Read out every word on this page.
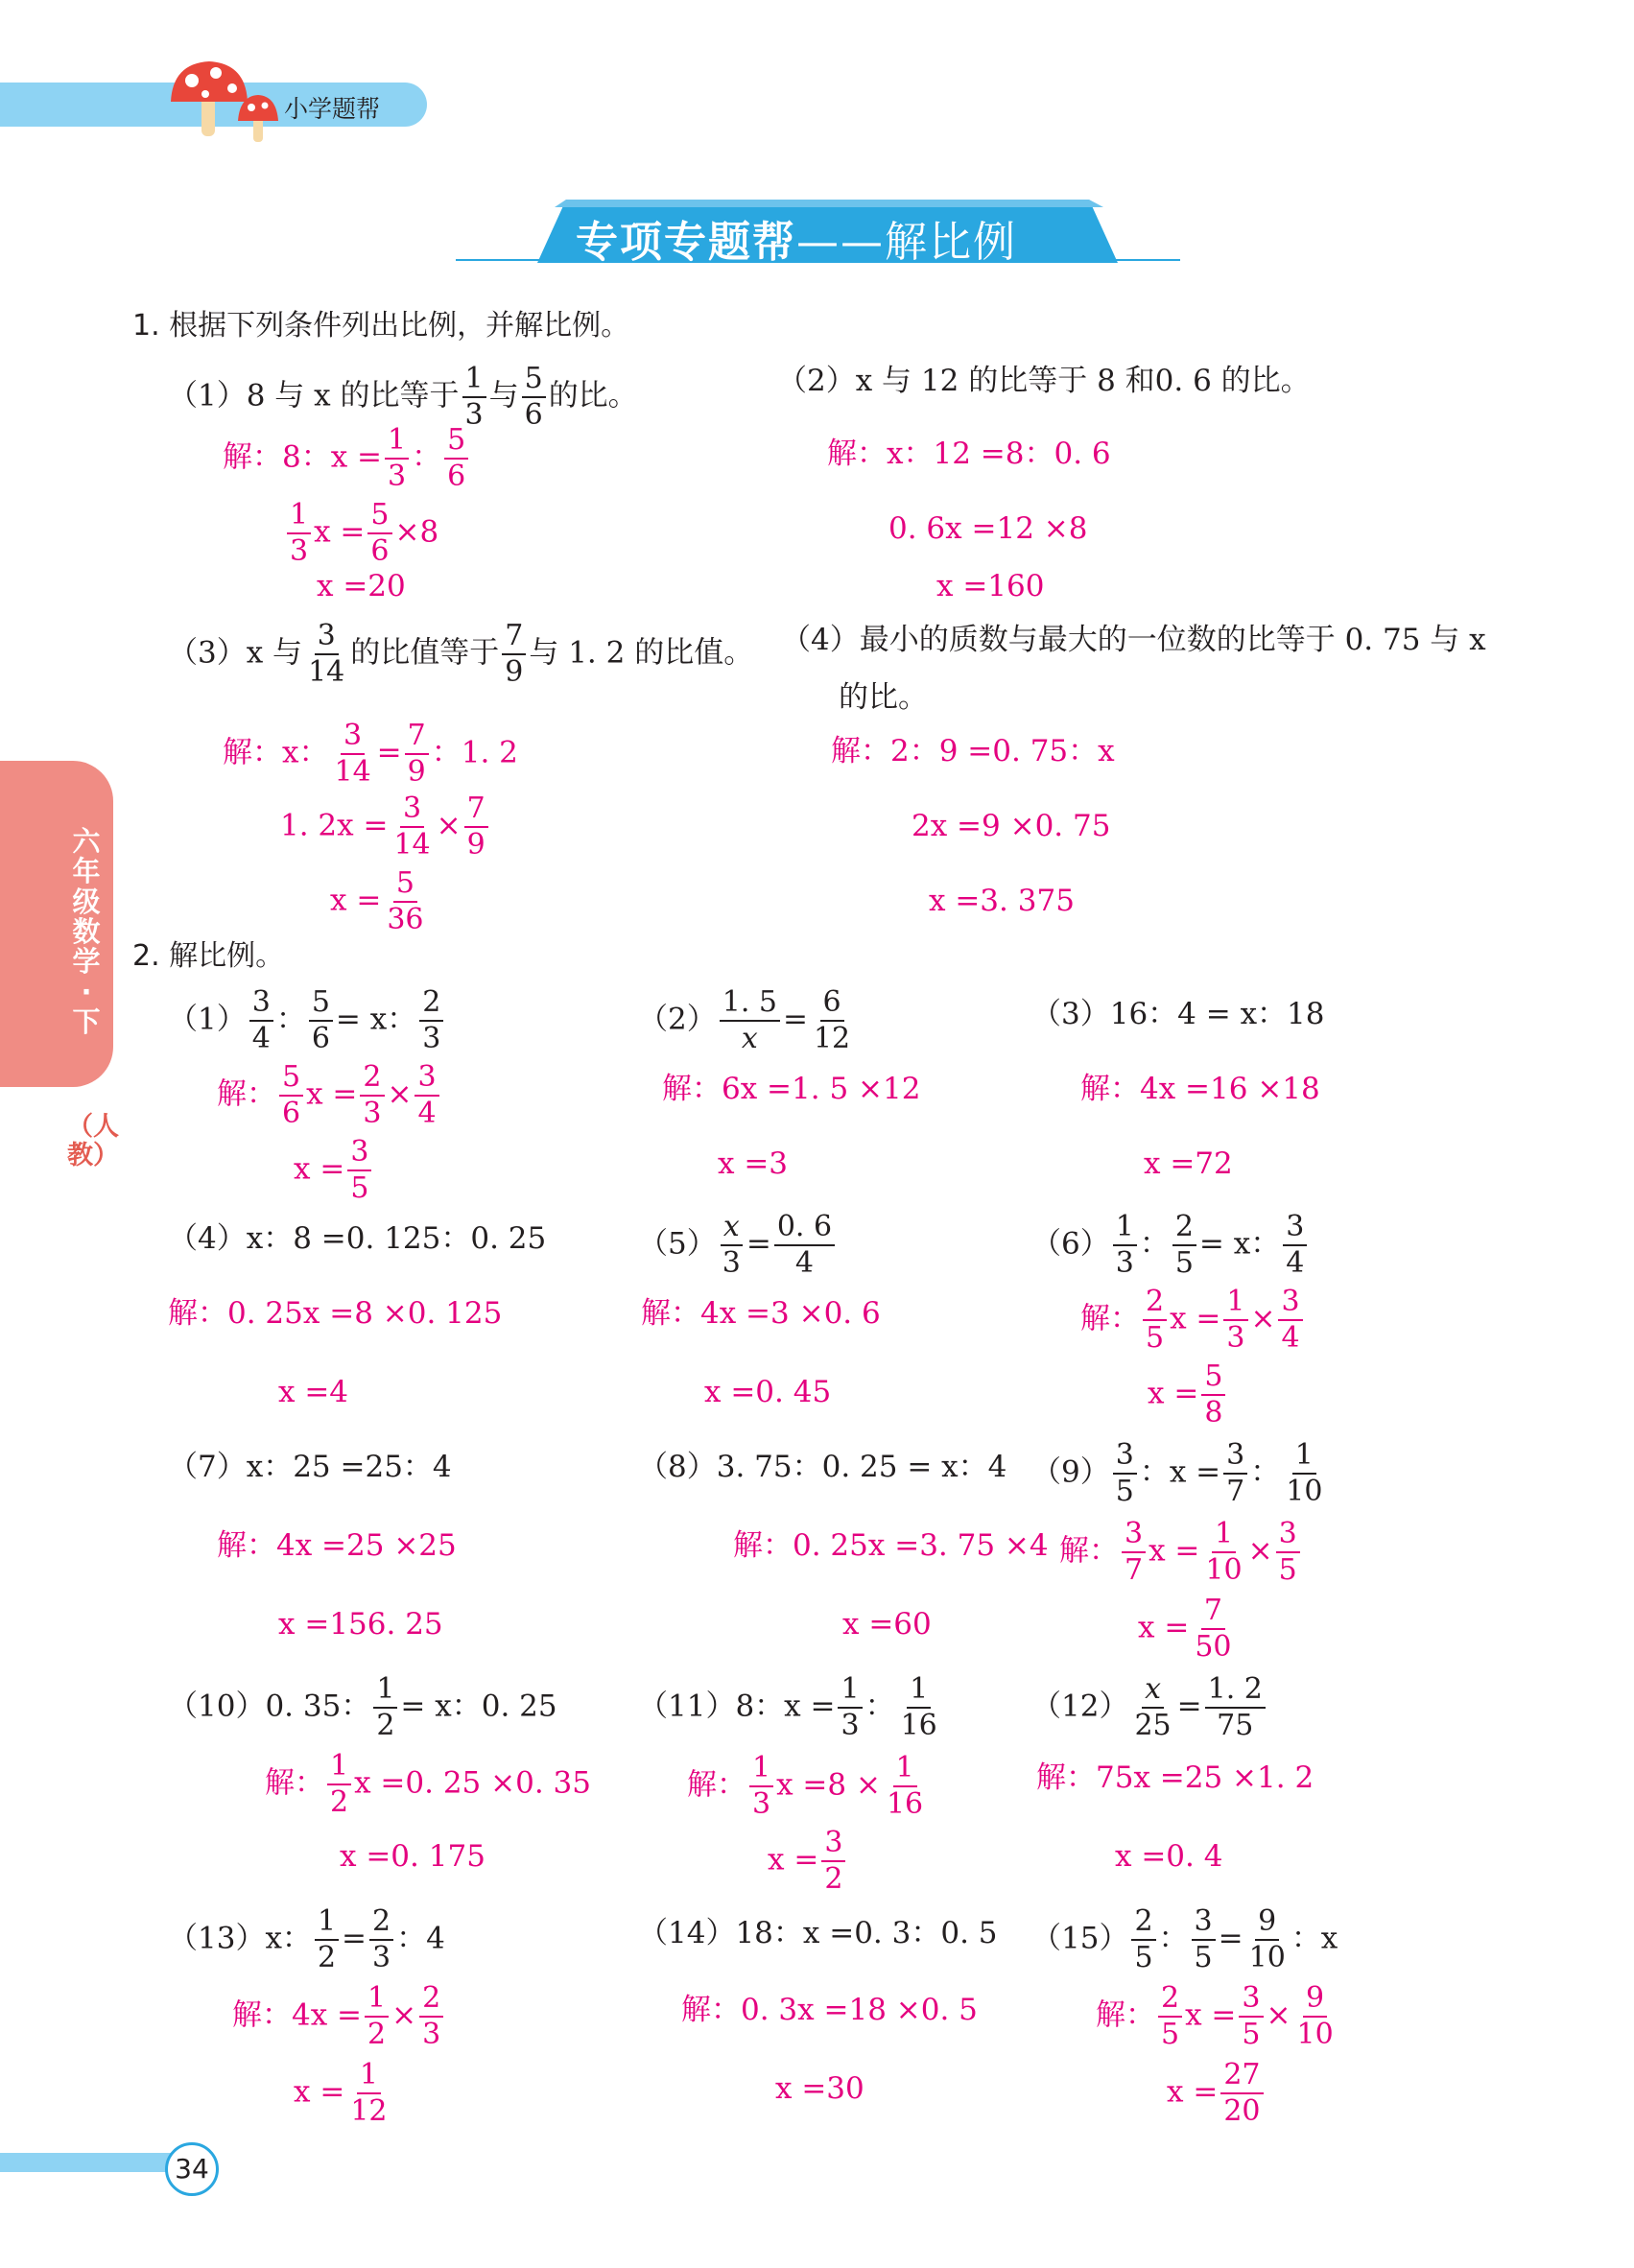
小学题帮
专项专题帮——解比例
六年级数学·下
（人教）
1. 根据下列条件列出比例，并解比例。
（1）8 与 x 的比等于 $\frac{1}{3}$ 与 $\frac{5}{6}$ 的比。
解：8：$x = \frac{1}{3}$ ： $\frac{5}{6}$
$\frac{1}{3}$ $x = \frac{5}{6} \times 8$
x =20
（2）x 与 12 的比等于 8 和0. 6 的比。
解：x：12 =8：0. 6
0. 6x =12 ×8
x =160
（3）x 与 $\frac{3}{14}$ 的比值等于 $\frac{7}{9}$ 与 1. 2 的比值。
解：x： $\frac{3}{14} = \frac{7}{9}$ ：1. 2
1. $2x = \frac{3}{14} \times \frac{7}{9}$
$x = \frac{5}{36}$
（4）最小的质数与最大的一位数的比等于 0. 75 与 x
的比。
解：2：9 =0. 75：x
2x =9 ×0. 75
x =3. 375
2. 解比例。
$(1) \frac{3}{4}$ ： $\frac{5}{6} = x$： $\frac{2}{3}$
解： $\frac{5}{6}$ $x = \frac{2}{3} \times \frac{3}{4}$
$x = \frac{3}{5}$
$(2) \frac{1. 5}{x} = \frac{6}{12}$
解：6x =1. 5 ×12
x =3
（3）16：4 = x：18
解：4x =16 ×18
x =72
（4）x：8 =0. 125：0. 25
解：0. 25x =8 ×0. 125
x =4
$(5) \frac{x}{3} = \frac{0. 6}{4}$
解：4x =3 ×0. 6
x =0. 45
$(6) \frac{1}{3}$ ： $\frac{2}{5} = x$： $\frac{3}{4}$
解： $\frac{2}{5}$ $x = \frac{1}{3} \times \frac{3}{4}$
$x = \frac{5}{8}$
（7）x：25 =25：4
解：4x =25 ×25
x =156. 25
（8）3. 75：0. 25 = x：4
解：0. 25x =3. 75 ×4
x =60
$(9) \frac{3}{5}$ ：$x = \frac{3}{7}$ ： $\frac{1}{10}$
解： $\frac{3}{7}$ $x = \frac{1}{10} \times \frac{3}{5}$
$x = \frac{7}{50}$
（10）0. 35： $\frac{1}{2} = x$：0. 25
解： $\frac{1}{2}$ x =0. 25 ×0. 35
x =0. 175
（11）8：$x = \frac{1}{3}$ ： $\frac{1}{16}$
解： $\frac{1}{3}$ $x =8 \times \frac{1}{16}$
$x = \frac{3}{2}$
$(12) \frac{x}{25} = \frac{1. 2}{75}$
解：75x =25 ×1. 2
x =0. 4
（13）x： $\frac{1}{2} = \frac{2}{3}$ ：4
解：$4x = \frac{1}{2} \times \frac{2}{3}$
$x = \frac{1}{12}$
（14）18：x =0. 3：0. 5
解：0. 3x =18 ×0. 5
x =30
$(15) \frac{2}{5}$ ： $\frac{3}{5} = \frac{9}{10}$ ：x
解： $\frac{2}{5}$ $x = \frac{3}{5} \times \frac{9}{10}$
$x = \frac{27}{20}$
34
